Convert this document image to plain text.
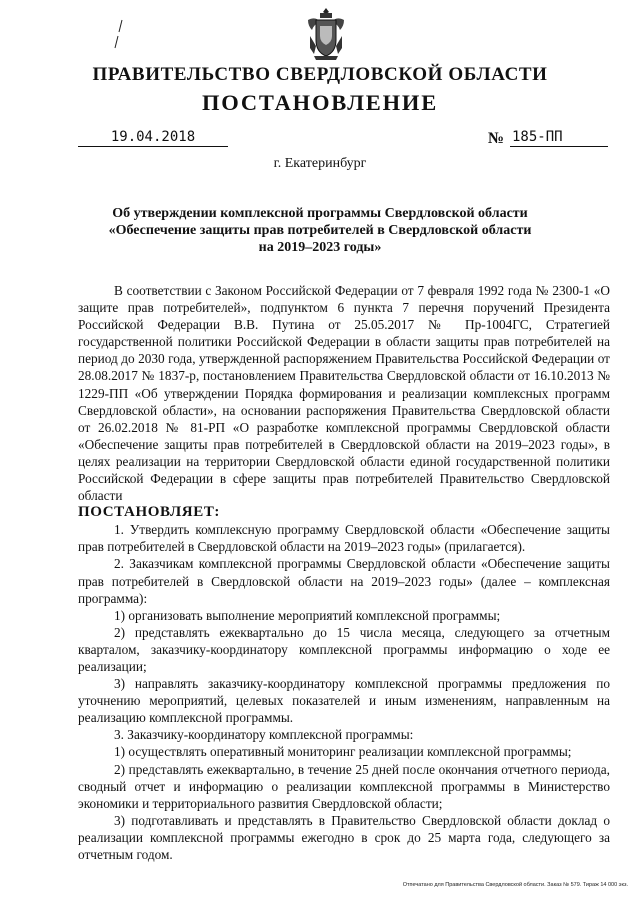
ПРАВИТЕЛЬСТВО СВЕРДЛОВСКОЙ ОБЛАСТИ
ПОСТАНОВЛЕНИЕ
19.04.2018	№ 185-ПП
г. Екатеринбург
Об утверждении комплексной программы Свердловской области
«Обеспечение защиты прав потребителей в Свердловской области
на 2019–2023 годы»

В соответствии с Законом Российской Федерации от 7 февраля 1992 года № 2300-1 «О защите прав потребителей», подпунктом 6 пункта 7 перечня поручений Президента Российской Федерации В.В. Путина от 25.05.2017 № Пр-1004ГС, Стратегией государственной политики Российской Федерации в области защиты прав потребителей на период до 2030 года, утвержденной распоряжением Правительства Российской Федерации от 28.08.2017 № 1837-р, постановлением Правительства Свердловской области от 16.10.2013 № 1229-ПП «Об утверждении Порядка формирования и реализации комплексных программ Свердловской области», на основании распоряжения Правительства Свердловской области от 26.02.2018 № 81-РП «О разработке комплексной программы Свердловской области «Обеспечение защиты прав потребителей в Свердловской области на 2019–2023 годы», в целях реализации на территории Свердловской области единой государственной политики Российской Федерации в сфере защиты прав потребителей Правительство Свердловской области

ПОСТАНОВЛЯЕТ:

1. Утвердить комплексную программу Свердловской области «Обеспечение защиты прав потребителей в Свердловской области на 2019–2023 годы» (прилагается).

2. Заказчикам комплексной программы Свердловской области «Обеспечение защиты прав потребителей в Свердловской области на 2019–2023 годы» (далее – комплексная программа):

1) организовать выполнение мероприятий комплексной программы;

2) представлять ежеквартально до 15 числа месяца, следующего за отчетным кварталом, заказчику-координатору комплексной программы информацию о ходе ее реализации;

3) направлять заказчику-координатору комплексной программы предложения по уточнению мероприятий, целевых показателей и иным изменениям, направленным на реализацию комплексной программы.

3. Заказчику-координатору комплексной программы:

1) осуществлять оперативный мониторинг реализации комплексной программы;

2) представлять ежеквартально, в течение 25 дней после окончания отчетного периода, сводный отчет и информацию о реализации комплексной программы в Министерство экономики и территориального развития Свердловской области;

3) подготавливать и представлять в Правительство Свердловской области доклад о реализации комплексной программы ежегодно в срок до 25 марта года, следующего за отчетным годом.

Отпечатано для Правительства Свердловской области. Заказ № 579. Тираж 14 000 экз.
